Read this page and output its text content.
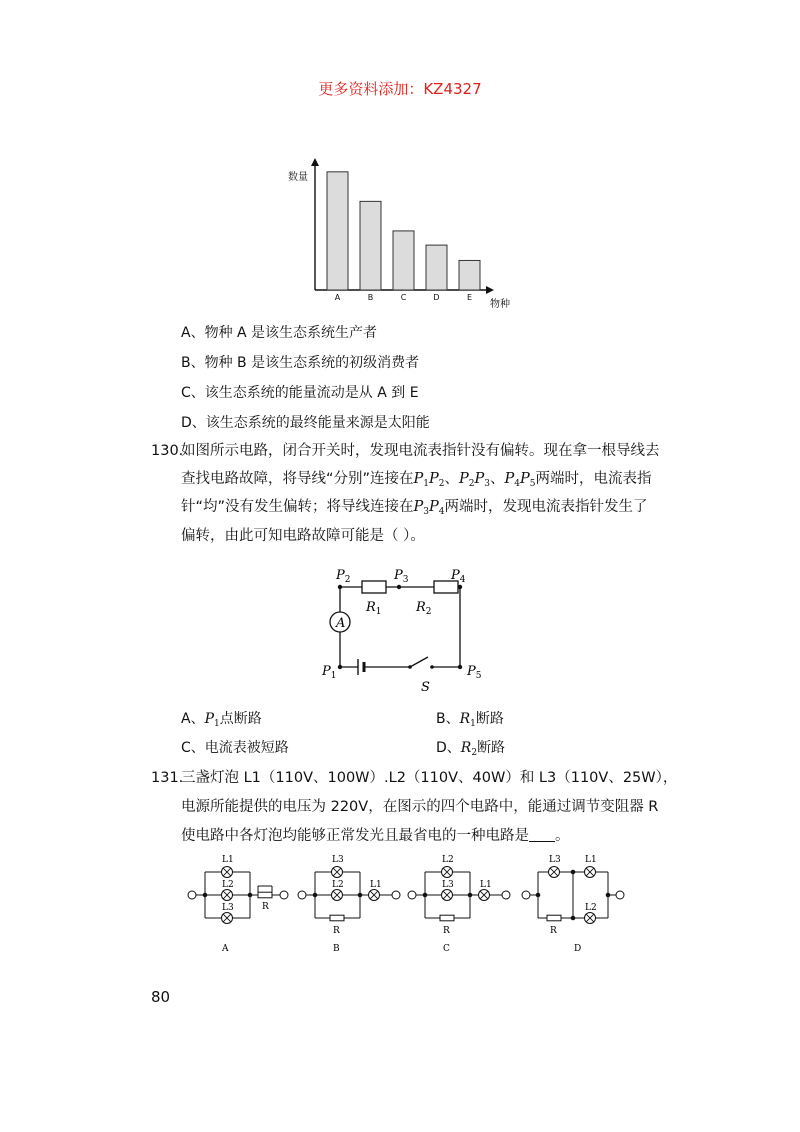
更多资料添加：KZ4327
数量
物种
A	B	C	D	E
A、物种 A 是该生态系统生产者
B、物种 B 是该生态系统的初级消费者
C、该生态系统的能量流动是从 A 到 E
D、该生态系统的最终能量来源是太阳能
130.
如图所示电路，闭合开关时，发现电流表指针没有偏转。现在拿一根导线去
查找电路故障，将导线“分别”连接在$P_1P_2$、$P_2P_3$、$P_4P_5$两端时，电流表指
针“均”没有发生偏转；将导线连接在$P_3P_4$两端时，发现电流表指针发生了
偏转，由此可知电路故障可能是（ ）。
A
$P_2$	$P_3$	$P_4$
$R_1$	$R_2$
$P_1$	$P_5$
S
A、$P_1$点断路	B、$R_1$断路
C、电流表被短路	D、$R_2$断路
131.
三盏灯泡 L1（110V、100W）.L2（110V、40W）和 L3（110V、25W），
电源所能提供的电压为 220V，在图示的四个电路中，能通过调节变阻器 R
使电路中各灯泡均能够正常发光且最省电的一种电路是 。
L1
L2
L3	R
A
L3
L2	L1
R
B
L2
L3	L1
R
C
L3	L1
L2
R
D
80
